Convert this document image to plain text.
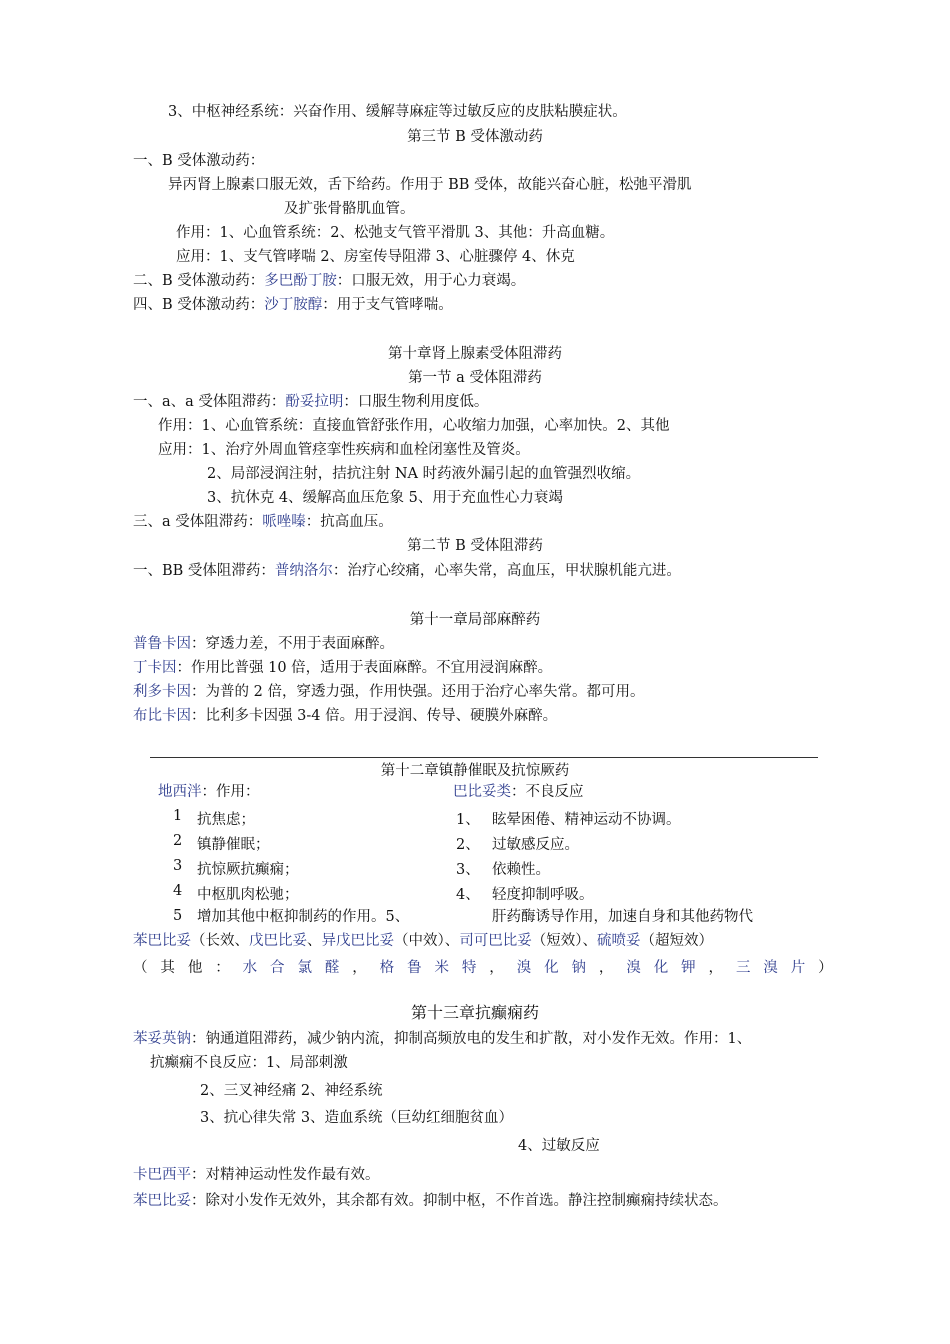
3、中枢神经系统：兴奋作用、缓解荨麻症等过敏反应的皮肤粘膜症状。
第三节 B 受体激动药
一、B 受体激动药：
异丙肾上腺素口服无效，舌下给药。作用于 BB 受体，故能兴奋心脏，松弛平滑肌
及扩张骨骼肌血管。
作用：1、心血管系统：2、松弛支气管平滑肌 3、其他：升高血糖。
应用：1、支气管哮喘 2、房室传导阻滞 3、心脏骤停 4、休克
二、B 受体激动药：多巴酚丁胺：口服无效，用于心力衰竭。
四、B 受体激动药：沙丁胺醇：用于支气管哮喘。
第十章肾上腺素受体阻滞药
第一节 a 受体阻滞药
一、a、a 受体阻滞药：酚妥拉明：口服生物利用度低。
作用：1、心血管系统：直接血管舒张作用，心收缩力加强，心率加快。2、其他
应用：1、治疗外周血管痉挛性疾病和血栓闭塞性及管炎。
2、局部浸润注射，拮抗注射 NA 时药液外漏引起的血管强烈收缩。
3、抗休克 4、缓解高血压危象 5、用于充血性心力衰竭
三、a 受体阻滞药：哌唑嗪：抗高血压。
第二节 B 受体阻滞药
一、BB 受体阻滞药：普纳洛尔：治疗心绞痛，心率失常，高血压，甲状腺机能亢进。
第十一章局部麻醉药
普鲁卡因：穿透力差，不用于表面麻醉。
丁卡因：作用比普强 10 倍，适用于表面麻醉。不宜用浸润麻醉。
利多卡因：为普的 2 倍，穿透力强，作用快强。还用于治疗心率失常。都可用。
布比卡因：比利多卡因强 3-4 倍。用于浸润、传导、硬膜外麻醉。
第十二章镇静催眠及抗惊厥药
地西泮：作用：	巴比妥类：不良反应
1 抗焦虑；
2 镇静催眠；
3 抗惊厥抗癫痫；
4 中枢肌肉松驰；
5 增加其他中枢抑制药的作用。5、
1、 眩晕困倦、精神运动不协调。
2、 过敏感反应。
3、 依赖性。
4、 轻度抑制呼吸。
肝药酶诱导作用，加速自身和其他药物代
苯巴比妥（长效、戊巴比妥、异戊巴比妥（中效）、司可巴比妥（短效）、硫喷妥（超短效）
（ 其 他 ： 水 合 氯 醛 ， 格 鲁 米 特 ， 溴 化 钠 ， 溴 化 钾 ， 三 溴 片 ）
第十三章抗癫痫药
苯妥英钠：钠通道阻滞药，减少钠内流，抑制高频放电的发生和扩散，对小发作无效。作用：1、
抗癫痫不良反应：1、局部刺激
2、三叉神经痛 2、神经系统
3、抗心律失常 3、造血系统（巨幼红细胞贫血）
4、过敏反应
卡巴西平：对精神运动性发作最有效。
苯巴比妥：除对小发作无效外，其余都有效。抑制中枢，不作首选。静注控制癫痫持续状态。
